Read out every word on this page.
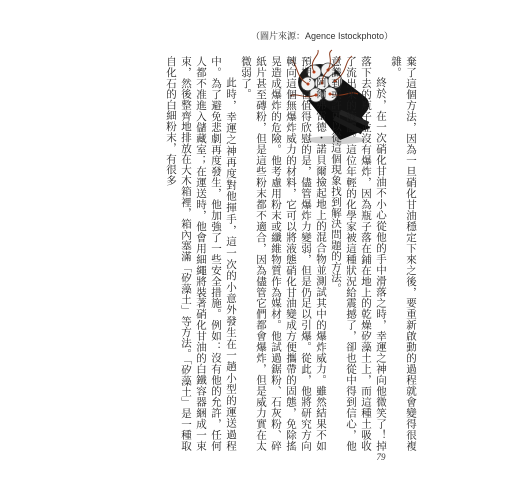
（圖片來源：Agence Istockphoto）
棄了這個方法，因為一旦硝化甘油穩定下來之後，要重新啟動的過程就會變得很複雜。
終於，在一次硝化甘油不小心從他的手中滑落之時，幸運之神向他微笑了！掉落下去的瓶子並沒有爆炸，因為瓶子落在鋪在地上的乾燥矽藻土上，而這種土吸收了流出來的液體。這位年輕的化學家被這種狀況給震撼了，卻也從中得到信心，他意識到或許可以從這個現象找到解決問題的方法。
阿爾弗雷德・諾貝爾撿起地上的混合物並測試其中的爆炸威力。雖然結果不如預期，但值得欣慰的是，儘管爆炸力變弱，但是仍足以引爆。從此，他將研究方向轉向這個無爆炸威力的材料，它可以將液態硝化甘油變成方便攜帶的固態，免除搖晃造成爆炸的危險。他考慮用粉末或纖維物質作為媒材。他試過鋸粉、石灰粉、碎紙片甚至磚粉，但是這些粉末都不適合，因為儘管它們都會爆炸，但是威力實在太微弱了。
此時，幸運之神再度對他揮手，這一次的小意外發生在一趟小型的運送過程中。為了避免悲劇再度發生，他加強了一些安全措施。例如：沒有他的允許，任何人都不准進入儲藏室；在運送時，他會用細繩將裝著硝化甘油的白鐵容器綑成一束束，然後整齊地排放在大木箱裡，箱內塞滿「矽藻土」等方法。「矽藻土」是一種取自化石的白細粉末，有很多
79
